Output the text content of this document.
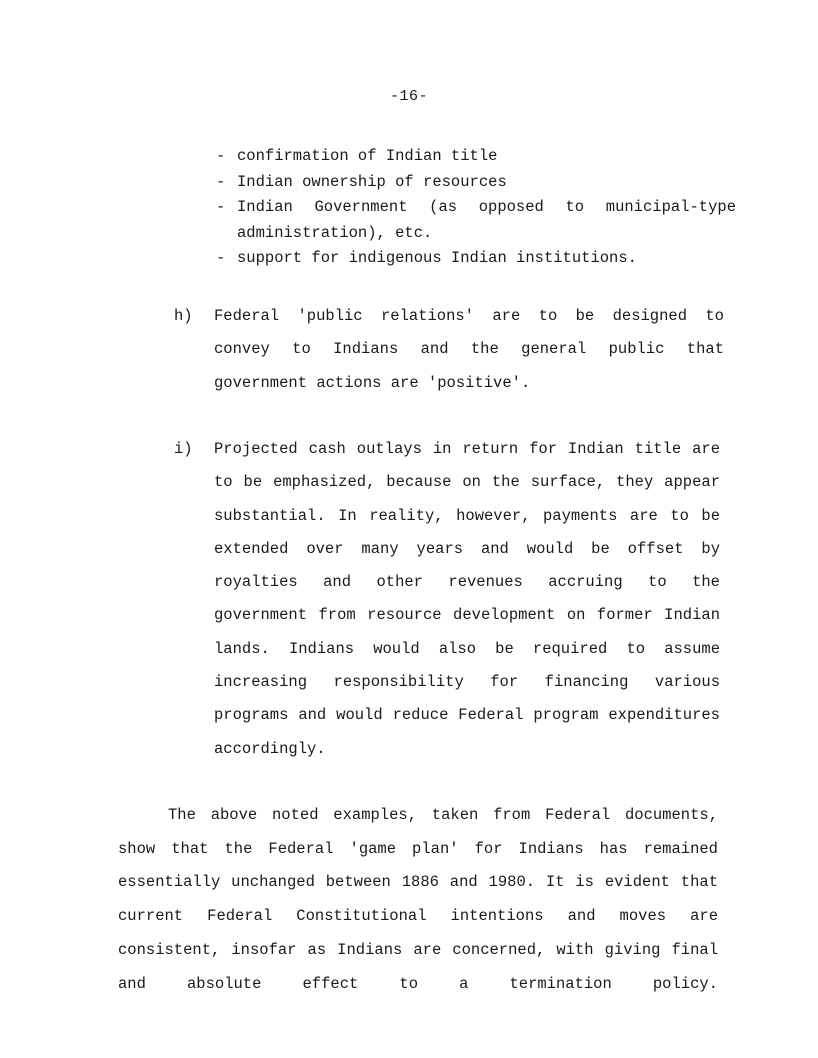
-16-
- confirmation of Indian title
- Indian ownership of resources
- Indian Government (as opposed to municipal-type administration), etc.
- support for indigenous Indian institutions.
h) Federal 'public relations' are to be designed to convey to Indians and the general public that government actions are 'positive'.
i) Projected cash outlays in return for Indian title are to be emphasized, because on the surface, they appear substantial. In reality, however, payments are to be extended over many years and would be offset by royalties and other revenues accruing to the government from resource development on former Indian lands. Indians would also be required to assume increasing responsibility for financing various programs and would reduce Federal program expenditures accordingly.

The above noted examples, taken from Federal documents, show that the Federal 'game plan' for Indians has remained essentially unchanged between 1886 and 1980. It is evident that current Federal Constitutional intentions and moves are consistent, insofar as Indians are concerned, with giving final and absolute effect to a termination policy.
